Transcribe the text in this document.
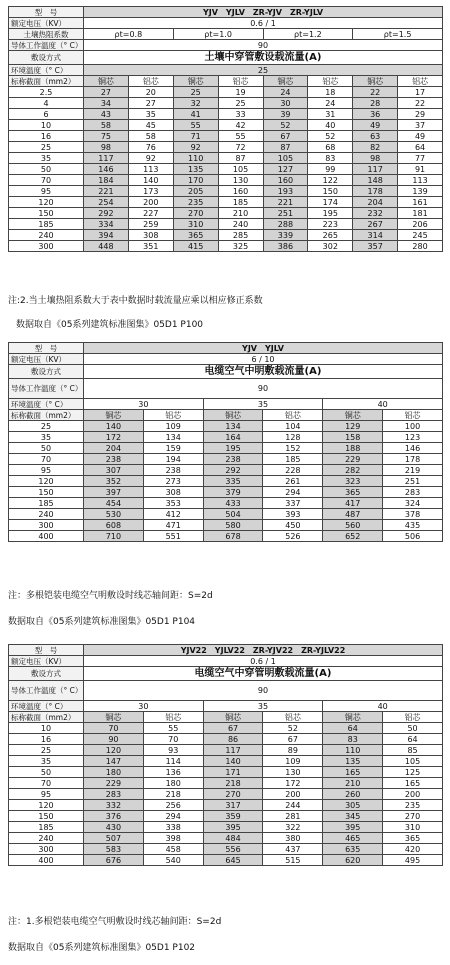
型　号	YJV　YJLV　ZR-YJV　ZR-YJLV							
额定电压（KV）	0.6 / 1							
土壤热阻系数	ρt=0.8		ρt=1.0		ρt=1.2		ρt=1.5	
导体工作温度（° C）	90							
敷设方式	土壤中穿管敷设载流量(A)							
环境温度（° C）	25							
标称截面（mm2）	铜芯	铝芯	铜芯	铝芯	铜芯	铝芯	铜芯	铝芯
2.5	27	20	25	19	24	18	22	17
4	34	27	32	25	30	24	28	22
6	43	35	41	33	39	31	36	29
10	58	45	55	42	52	40	49	37
16	75	58	71	55	67	52	63	49
25	98	76	92	72	87	68	82	64
35	117	92	110	87	105	83	98	77
50	146	113	135	105	127	99	117	91
70	184	140	170	130	160	122	148	113
95	221	173	205	160	193	150	178	139
120	254	200	235	185	221	174	204	161
150	292	227	270	210	251	195	232	181
185	334	259	310	240	288	223	267	206
240	394	308	365	285	339	265	314	245
300	448	351	415	325	386	302	357	280
注:2.当土壤热阻系数大于表中数据时载流量应乘以相应修正系数
数据取自《05系列建筑标准图集》05D1 P100
型　号	YJV　YJLV					
额定电压（KV）	6 / 10					
敷设方式	电缆空气中明敷载流量(A)					
导体工作温度（° C）	90					
环境温度（° C）	30		35		40	
标称截面（mm2）	铜芯	铝芯	铜芯	铝芯	铜芯	铝芯
25	140	109	134	104	129	100
35	172	134	164	128	158	123
50	204	159	195	152	188	146
70	238	194	238	185	229	178
95	307	238	292	228	282	219
120	352	273	335	261	323	251
150	397	308	379	294	365	283
185	454	353	433	337	417	324
240	530	412	504	393	487	378
300	608	471	580	450	560	435
400	710	551	678	526	652	506
注：多根铠装电缆空气明敷设时线芯轴间距：S=2d
数据取自《05系列建筑标准图集》05D1 P104
型　号	YJV22　YJLV22　ZR-YJV22　ZR-YJLV22					
额定电压（KV）	0.6 / 1					
敷设方式	电缆空气中穿管明敷载流量(A)					
导体工作温度（° C）	90					
环境温度（° C）	30		35		40	
标称截面（mm2）	铜芯	铝芯	铜芯	铝芯	铜芯	铝芯
10	70	55	67	52	64	50
16	90	70	86	67	83	64
25	120	93	117	89	110	85
35	147	114	140	109	135	105
50	180	136	171	130	165	125
70	229	180	218	172	210	165
95	283	218	270	200	260	200
120	332	256	317	244	305	235
150	376	294	359	281	345	270
185	430	338	395	322	395	310
240	507	398	484	380	465	365
300	583	458	556	437	635	420
400	676	540	645	515	620	495
注：1.多根铠装电缆空气明敷设时线芯轴间距：S=2d
数据取自《05系列建筑标准图集》05D1 P102
